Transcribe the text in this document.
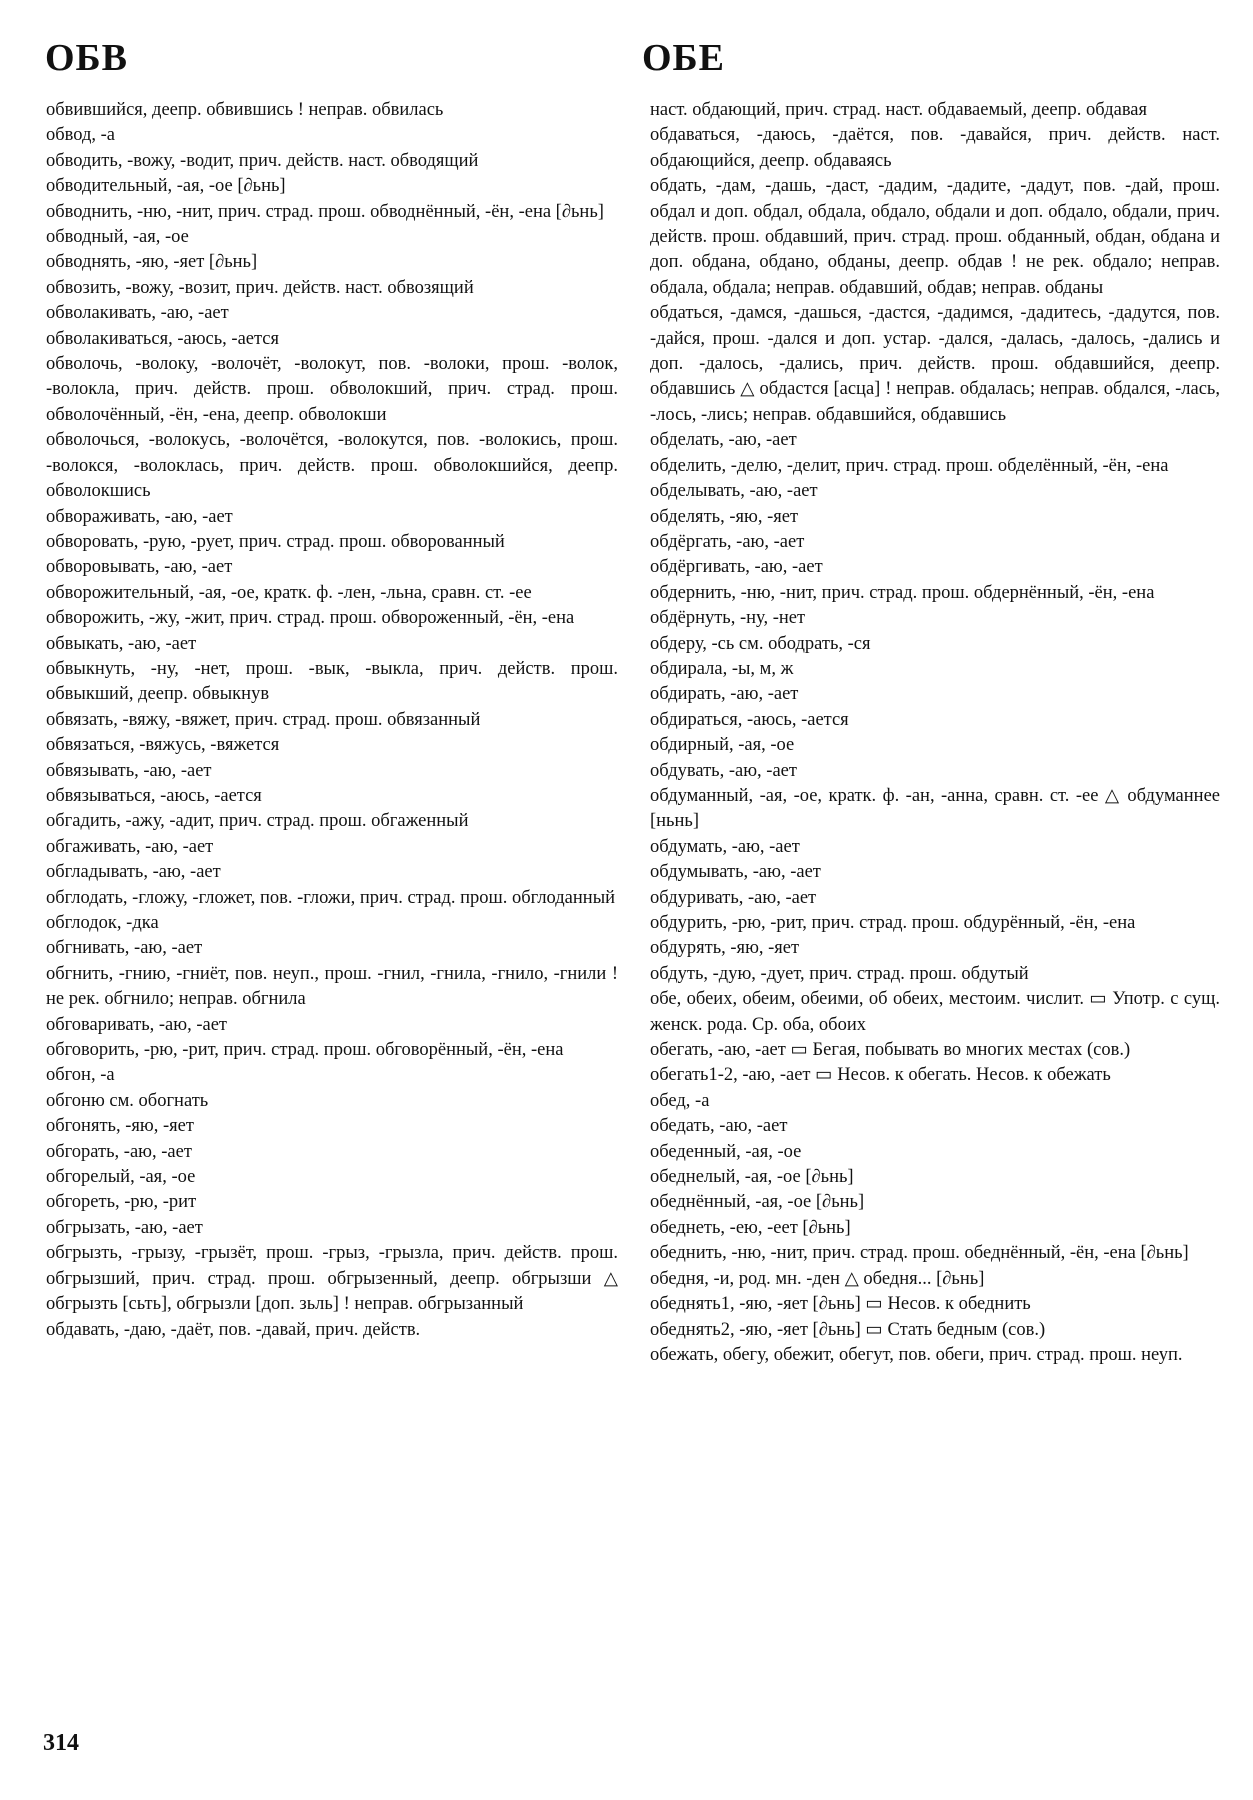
ОБВ	ОБЕ

обвившийся, деепр. обвившись ! неправ. обвилась

обвод, -а

обводить, -вожу, -водит, прич. действ. наст. обводящий

обводительный, -ая, -ое [∂ьнь]

обводнить, -ню, -нит, прич. страд. прош. обводнённый, -ён, -ена [∂ьнь]

обводный, -ая, -ое

обводнять, -яю, -яет [∂ьнь]

обвозить, -вожу, -возит, прич. действ. наст. обвозящий

обволакивать, -аю, -ает

обволакиваться, -аюсь, -ается

обволочь, -волоку, -волочёт, -волокут, пов. -волоки, прош. -волок, -волокла, прич. действ. прош. обволокший, прич. страд. прош. обволочённый, -ён, -ена, деепр. обволокши

обволочься, -волокусь, -волочётся, -волокутся, пов. -волокись, прош. -волокся, -волоклась, прич. действ. прош. обволокшийся, деепр. обволокшись

обвораживать, -аю, -ает

обворовать, -рую, -рует, прич. страд. прош. обворованный

обворовывать, -аю, -ает

обворожительный, -ая, -ое, кратк. ф. -лен, -льна, сравн. ст. -ее

обворожить, -жу, -жит, прич. страд. прош. обвороженный, -ён, -ена

обвыкать, -аю, -ает

обвыкнуть, -ну, -нет, прош. -вык, -выкла, прич. действ. прош. обвыкший, деепр. обвыкнув

обвязать, -вяжу, -вяжет, прич. страд. прош. обвязанный

обвязаться, -вяжусь, -вяжется

обвязывать, -аю, -ает

обвязываться, -аюсь, -ается

обгадить, -ажу, -адит, прич. страд. прош. обгаженный

обгаживать, -аю, -ает

обгладывать, -аю, -ает

обглодать, -гложу, -гложет, пов. -гложи, прич. страд. прош. обглоданный

обглодок, -дка

обгнивать, -аю, -ает

обгнить, -гнию, -гниёт, пов. неуп., прош. -гнил, -гнила, -гнило, -гнили ! не рек. обгнило; неправ. обгнила

обговаривать, -аю, -ает

обговорить, -рю, -рит, прич. страд. прош. обговорённый, -ён, -ена

обгон, -а

обгоню см. обогнать

обгонять, -яю, -яет

обгорать, -аю, -ает

обгорелый, -ая, -ое

обгореть, -рю, -рит

обгрызать, -аю, -ает

обгрызть, -грызу, -грызёт, прош. -грыз, -грызла, прич. действ. прош. обгрызший, прич. страд. прош. обгрызенный, деепр. обгрызши △ обгрызть [сьть], обгрызли [доп. зьль] ! неправ. обгрызанный

обдавать, -даю, -даёт, пов. -давай, прич. действ.

наст. обдающий, прич. страд. наст. обдаваемый, деепр. обдавая

обдаваться, -даюсь, -даётся, пов. -давайся, прич. действ. наст. обдающийся, деепр. обдаваясь

обдать, -дам, -дашь, -даст, -дадим, -дадите, -дадут, пов. -дай, прош. обдал и доп. обдал, обдала, обдало, обдали и доп. обдало, обдали, прич. действ. прош. обдавший, прич. страд. прош. обданный, обдан, обдана и доп. обдана, обдано, обданы, деепр. обдав ! не рек. обдало; неправ. обдала, обдала; неправ. обдавший, обдав; неправ. обданы

обдаться, -дамся, -дашься, -дастся, -дадимся, -дадитесь, -дадутся, пов. -дайся, прош. -дался и доп. устар. -дался, -далась, -далось, -дались и доп. -далось, -дались, прич. действ. прош. обдавшийся, деепр. обдавшись △ обдастся [асца] ! неправ. обдалась; неправ. обдался, -лась, -лось, -лись; неправ. обдавшийся, обдавшись

обделать, -аю, -ает

обделить, -делю, -делит, прич. страд. прош. обделённый, -ён, -ена

обделывать, -аю, -ает

обделять, -яю, -яет

обдёргать, -аю, -ает

обдёргивать, -аю, -ает

обдернить, -ню, -нит, прич. страд. прош. обдернённый, -ён, -ена

обдёрнуть, -ну, -нет

обдеру, -сь см. ободрать, -ся

обдирала, -ы, м, ж

обдирать, -аю, -ает

обдираться, -аюсь, -ается

обдирный, -ая, -ое

обдувать, -аю, -ает

обдуманный, -ая, -ое, кратк. ф. -ан, -анна, сравн. ст. -ее △ обдуманнее [ньнь]

обдумать, -аю, -ает

обдумывать, -аю, -ает

обдуривать, -аю, -ает

обдурить, -рю, -рит, прич. страд. прош. обдурённый, -ён, -ена

обдурять, -яю, -яет

обдуть, -дую, -дует, прич. страд. прош. обдутый

обе, обеих, обеим, обеими, об обеих, местоим. числит. ▭ Употр. с сущ. женск. рода. Ср. оба, обоих

обегать, -аю, -ает ▭ Бегая, побывать во многих местах (сов.)

обегать1-2, -аю, -ает ▭ Несов. к обегать. Несов. к обежать

обед, -а

обедать, -аю, -ает

обеденный, -ая, -ое

обеднелый, -ая, -ое [∂ьнь]

обеднённый, -ая, -ое [∂ьнь]

обеднеть, -ею, -еет [∂ьнь]

обеднить, -ню, -нит, прич. страд. прош. обеднённый, -ён, -ена [∂ьнь]

обедня, -и, род. мн. -ден △ обедня... [∂ьнь]

обеднять1, -яю, -яет [∂ьнь] ▭ Несов. к обеднить

обеднять2, -яю, -яет [∂ьнь] ▭ Стать бедным (сов.)

обежать, обегу, обежит, обегут, пов. обеги, прич. страд. прош. неуп.

314
